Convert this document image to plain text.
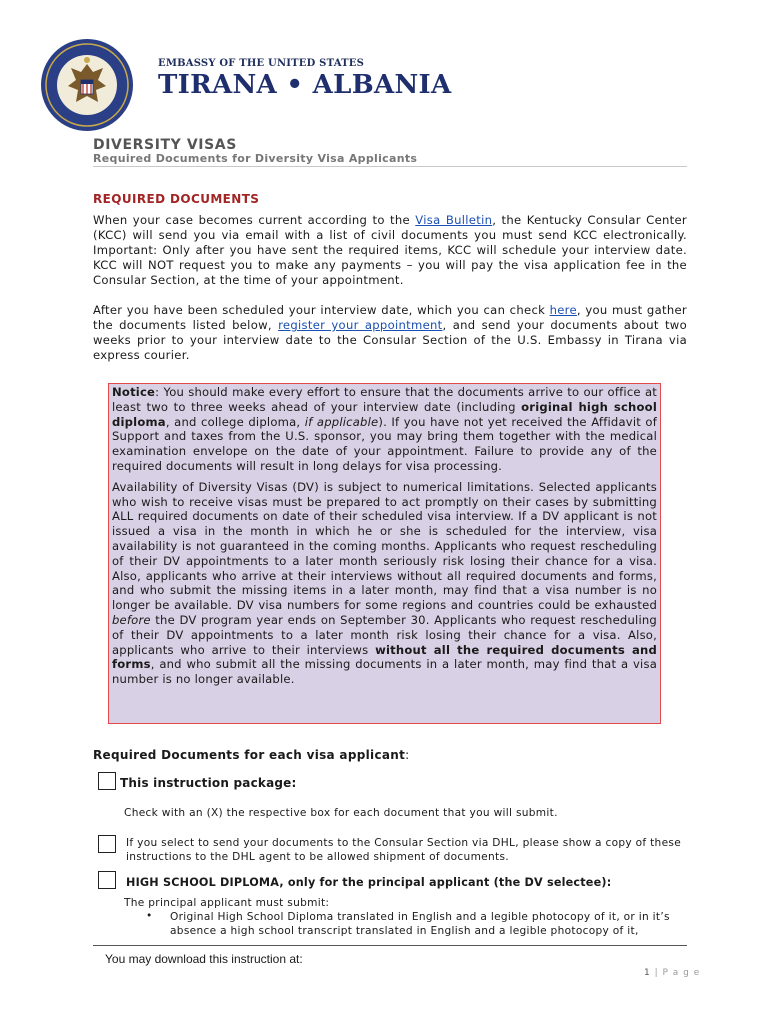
EMBASSY OF THE UNITED STATES
TIRANA • ALBANIA
DIVERSITY VISAS
Required Documents for Diversity Visa Applicants
REQUIRED DOCUMENTS
When your case becomes current according to the Visa Bulletin, the Kentucky Consular Center (KCC) will send you via email with a list of civil documents you must send KCC electronically. Important: Only after you have sent the required items, KCC will schedule your interview date. KCC will NOT request you to make any payments – you will pay the visa application fee in the Consular Section, at the time of your appointment.
After you have been scheduled your interview date, which you can check here, you must gather the documents listed below, register your appointment, and send your documents about two weeks prior to your interview date to the Consular Section of the U.S. Embassy in Tirana via express courier.

Notice: You should make every effort to ensure that the documents arrive to our office at least two to three weeks ahead of your interview date (including original high school diploma, and college diploma, if applicable). If you have not yet received the Affidavit of Support and taxes from the U.S. sponsor, you may bring them together with the medical examination envelope on the date of your appointment. Failure to provide any of the required documents will result in long delays for visa processing.

Availability of Diversity Visas (DV) is subject to numerical limitations. Selected applicants who wish to receive visas must be prepared to act promptly on their cases by submitting ALL required documents on date of their scheduled visa interview. If a DV applicant is not issued a visa in the month in which he or she is scheduled for the interview, visa availability is not guaranteed in the coming months. Applicants who request rescheduling of their DV appointments to a later month seriously risk losing their chance for a visa. Also, applicants who arrive at their interviews without all required documents and forms, and who submit the missing items in a later month, may find that a visa number is no longer be available. DV visa numbers for some regions and countries could be exhausted before the DV program year ends on September 30. Applicants who request rescheduling of their DV appointments to a later month risk losing their chance for a visa. Also, applicants who arrive to their interviews without all the required documents and forms, and who submit all the missing documents in a later month, may find that a visa number is no longer available.

Required Documents for each visa applicant:
This instruction package:
Check with an (X) the respective box for each document that you will submit.
If you select to send your documents to the Consular Section via DHL, please show a copy of these instructions to the DHL agent to be allowed shipment of documents.
HIGH SCHOOL DIPLOMA, only for the principal applicant (the DV selectee):
The principal applicant must submit:
• Original High School Diploma translated in English and a legible photocopy of it, or in it’s absence a high school transcript translated in English and a legible photocopy of it,
You may download this instruction at:
1 | P a g e
